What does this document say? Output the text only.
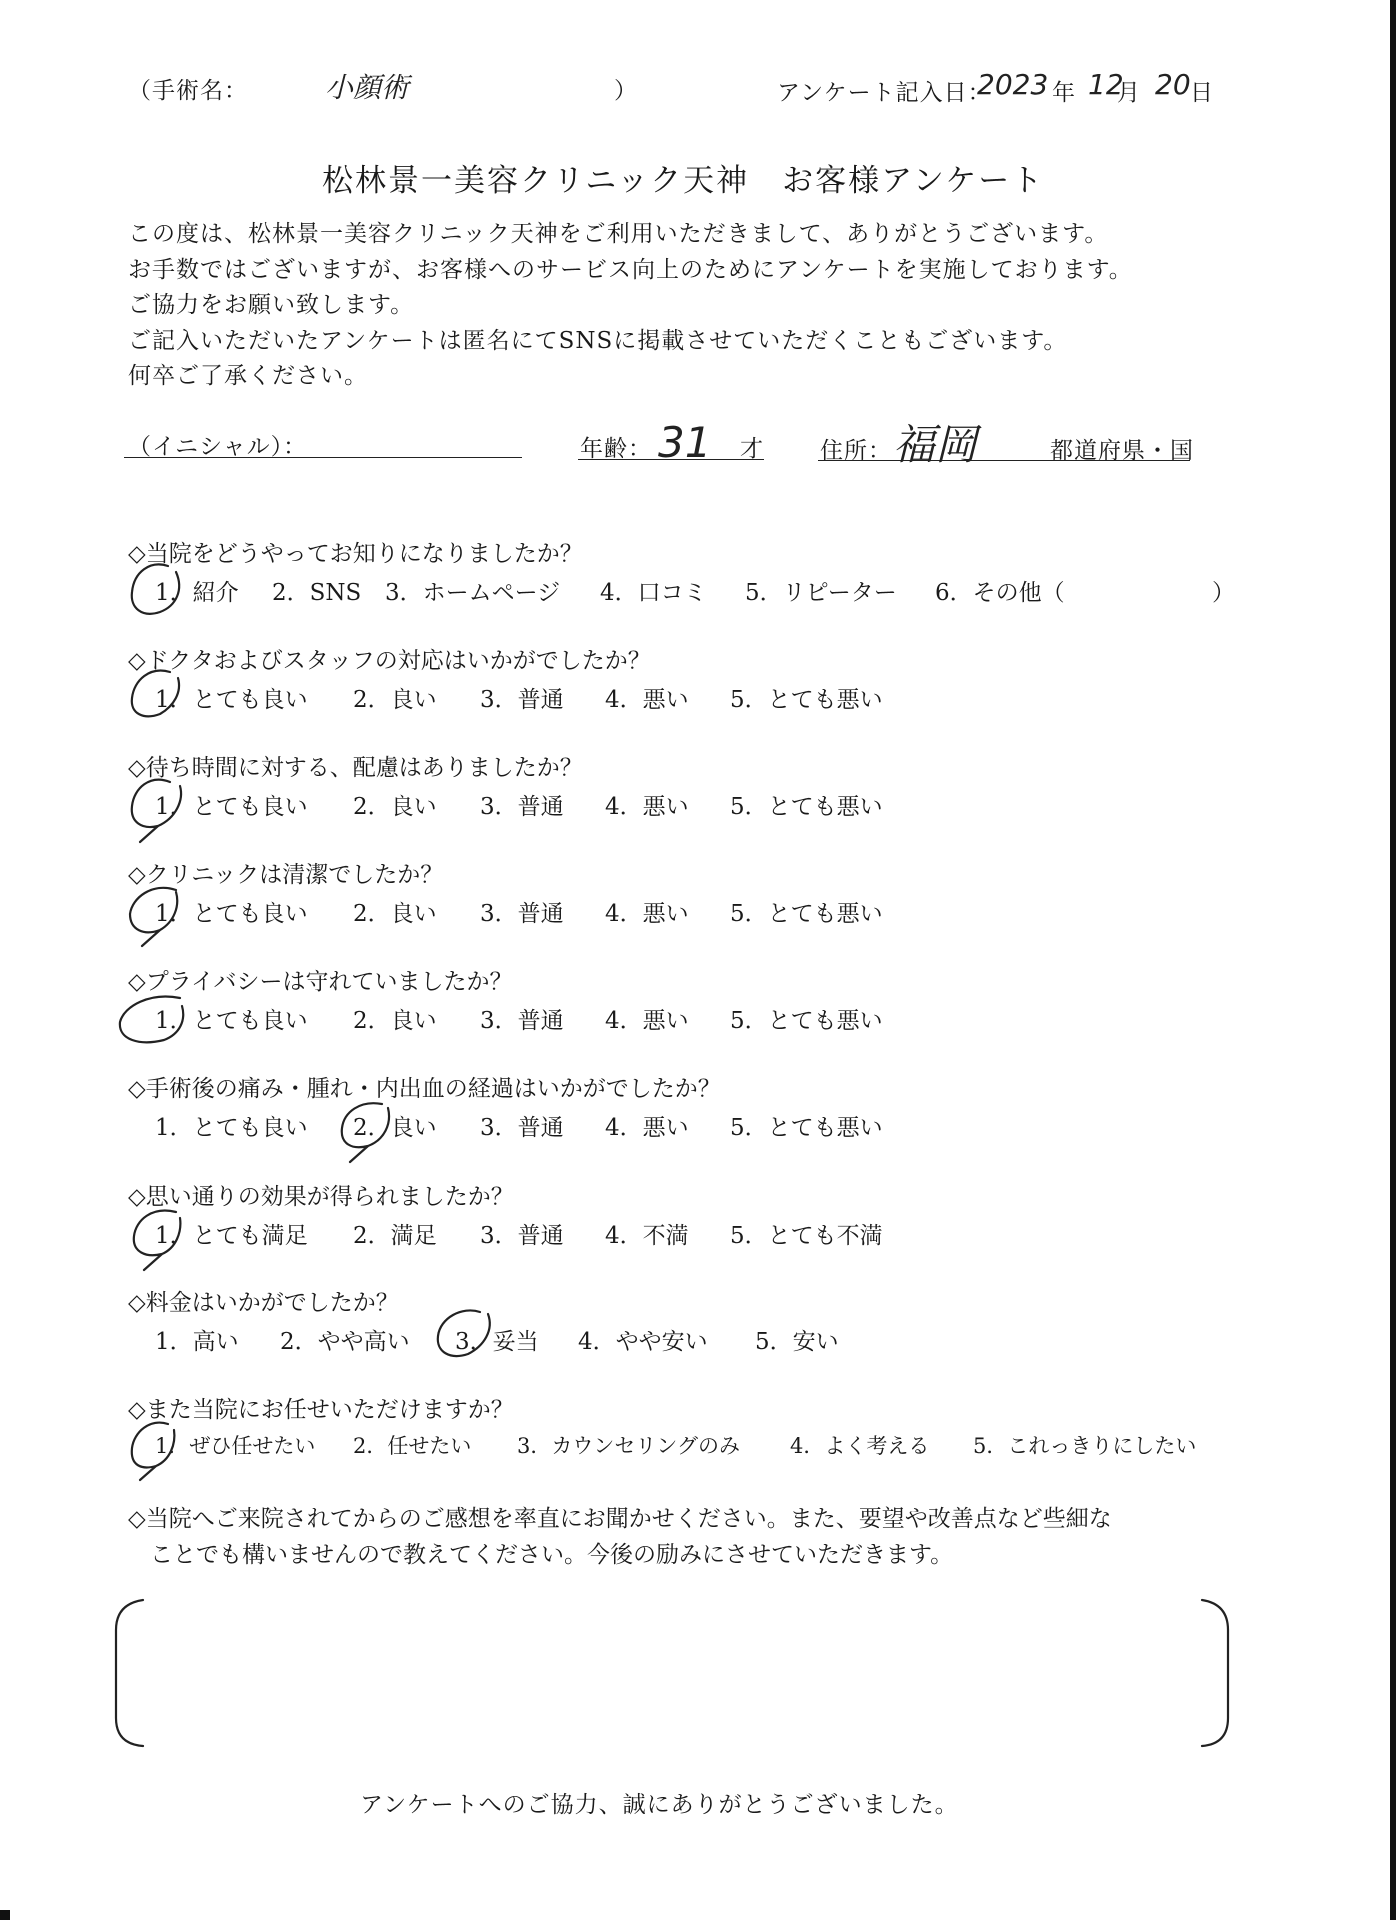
（手術名：	小顔術	）	アンケート記入日：
2023 年 12
月 20 日
松林景一美容クリニック天神　お客様アンケート
この度は、松林景一美容クリニック天神をご利用いただきまして、ありがとうございます。
お手数ではございますが、お客様へのサービス向上のためにアンケートを実施しております。
ご協力をお願い致します。
ご記入いただいたアンケートは匿名にてSNSに掲載させていただくこともございます。
何卒ご了承ください。
（イニシャル）：	年齢： 31 才 住所： 福岡	都道府県・国
◇当院をどうやってお知りになりましたか？
1．紹介 2．SNS 3．ホームページ 4．口コミ 5．リピーター 6．その他（	）
◇ドクタおよびスタッフの対応はいかがでしたか？
1．とても良い 2．良い 3．普通 4．悪い 5．とても悪い
◇待ち時間に対する、配慮はありましたか？
1．とても良い 2．良い 3．普通 4．悪い 5．とても悪い
◇クリニックは清潔でしたか？
1．とても良い 2．良い 3．普通 4．悪い 5．とても悪い
◇プライバシーは守れていましたか？
1．とても良い 2．良い 3．普通 4．悪い 5．とても悪い
◇手術後の痛み・腫れ・内出血の経過はいかがでしたか？
1．とても良い 2．良い 3．普通 4．悪い 5．とても悪い
◇思い通りの効果が得られましたか？
1．とても満足 2．満足 3．普通 4．不満 5．とても不満
◇料金はいかがでしたか？
1．高い 2．やや高い 3．妥当 4．やや安い 5．安い
◇また当院にお任せいただけますか？
1．ぜひ任せたい 2．任せたい 3．カウンセリングのみ 4．よく考える 5．これっきりにしたい
◇当院へご来院されてからのご感想を率直にお聞かせください。また、要望や改善点など些細な
ことでも構いませんので教えてください。今後の励みにさせていただきます。
アンケートへのご協力、誠にありがとうございました。
